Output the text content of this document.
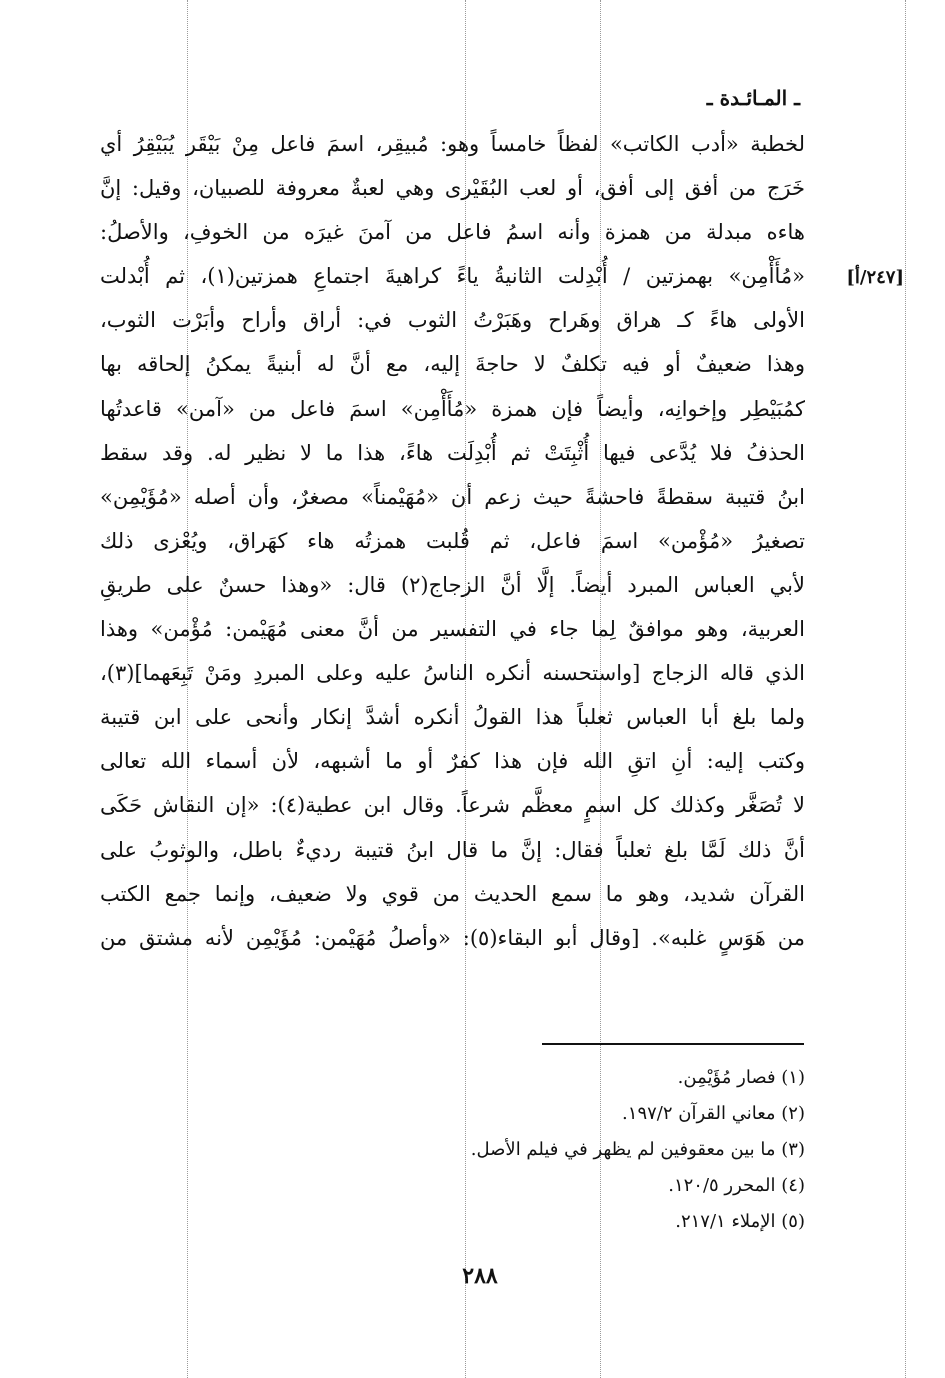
ـ المـائـدة ـ
[٢٤٧/أ]
لخطبة «أدب الكاتب» لفظاً خامساً وهو: مُبيقِر، اسمَ فاعل مِنْ بَيْقَر يُبَيْقِرُ أي
خَرَج من أفق إلى أفق، أو لعب البُقَيْرى وهي لعبةٌ معروفة للصبيان، وقيل: إنَّ
هاءه مبدلة من همزة وأنه اسمُ فاعل من آمنَ غيرَه من الخوفِ، والأصلُ:
«مُأَأْمِن» بهمزتين / أُبْدِلت الثانيةُ ياءً كراهيةَ اجتماعِ همزتين(١)، ثم أُبْدلت
الأولى هاءً كـ هراق وهَراح وهَبَرْتُ الثوب في: أراق وأراح وأبَرْت الثوب،
وهذا ضعيفٌ أو فيه تكلفٌ لا حاجةَ إليه، مع أنَّ له أبنيةً يمكنُ إلحاقه بها
كمُبَيْطِر وإخوانِه، وأيضاً فإن همزة «مُأَأْمِن» اسمَ فاعل من «آمن» قاعدتُها
الحذفُ فلا يُدَّعى فيها أُثْبِتَتْ ثم أُبْدِلَت هاءً، هذا ما لا نظير له. وقد سقط
ابنُ قتيبة سقطةً فاحشةً حيث زعم أن «مُهَيْمناً» مصغرٌ، وأن أصله «مُؤَيْمِن»
تصغيرُ «مُؤْمن» اسمَ فاعل، ثم قُلبت همزتُه هاء كهَراق، ويُعْزى ذلك
لأبي العباس المبرد أيضاً. إلَّا أنَّ الزجاج(٢) قال: «وهذا حسنٌ على طريقِ
العربية، وهو موافقٌ لِما جاء في التفسير من أنَّ معنى مُهَيْمن: مُؤْمن» وهذا
الذي قاله الزجاج [واستحسنه أنكره الناسُ عليه وعلى المبردِ ومَنْ تَبِعَهما](٣)،
ولما بلغ أبا العباس ثعلباً هذا القولُ أنكره أشدَّ إنكار وأنحى على ابن قتيبة
وكتب إليه: أنِ اتقِ الله فإن هذا كفرٌ أو ما أشبهه، لأن أسماء الله تعالى
لا تُصَغَّر وكذلك كل اسمٍ معظَّم شرعاً. وقال ابن عطية(٤): «إن النقاش حَكَى
أنَّ ذلك لَمَّا بلغ ثعلباً فقال: إنَّ ما قال ابنُ قتيبة رديءٌ باطل، والوثوبُ على
القرآن شديد، وهو ما سمع الحديث من قوي ولا ضعيف، وإنما جمع الكتب
من هَوَسٍ غلبه». [وقال أبو البقاء(٥): «وأصلُ مُهَيْمن: مُؤَيْمِن لأنه مشتق من
(١) فصار مُؤَيْمِن.
(٢) معاني القرآن ١٩٧/٢.
(٣) ما بين معقوفين لم يظهر في فيلم الأصل.
(٤) المحرر ١٢٠/٥.
(٥) الإملاء ٢١٧/١.
٢٨٨
